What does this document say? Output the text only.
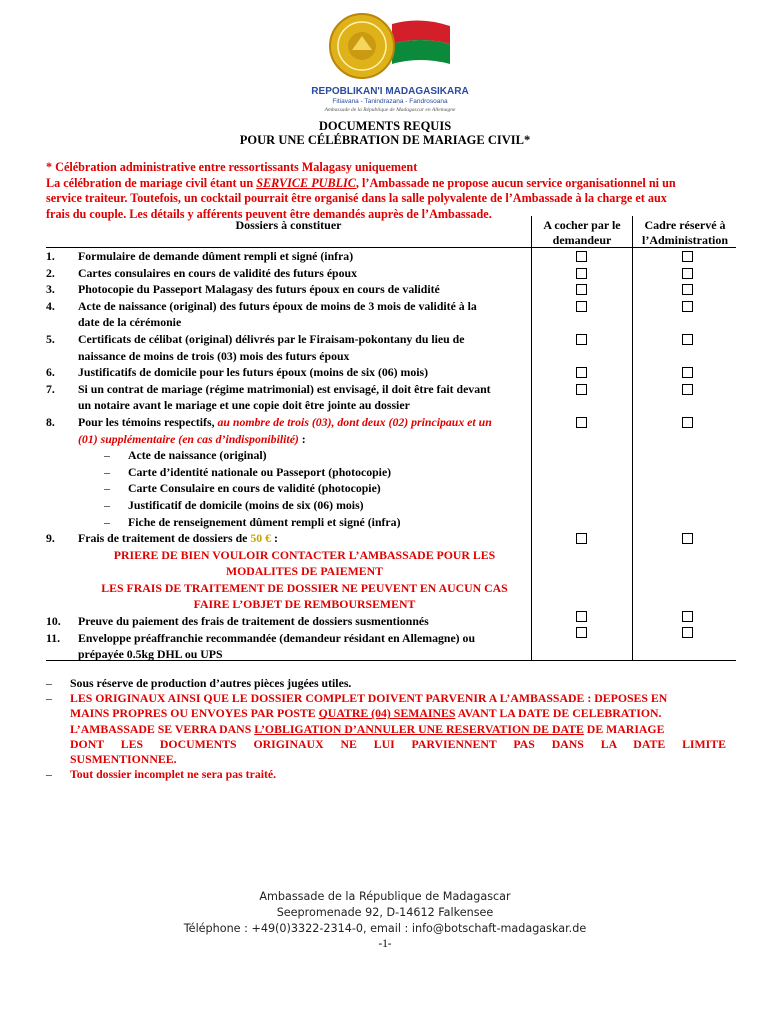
REPOBLIKAN'I MADAGASIKARA
Fitiavana - Tanindrazana - Fandrosoana
Ambassade de la République de Madagascar en Allemagne
DOCUMENTS REQUIS
POUR UNE CÉLÉBRATION DE MARIAGE CIVIL*
* Célébration administrative entre ressortissants Malagasy uniquement
La célébration de mariage civil étant un SERVICE PUBLIC, l’Ambassade ne propose aucun service organisationnel ni un
service traiteur. Toutefois, un cocktail pourrait être organisé dans la salle polyvalente de l’Ambassade à la charge et aux
frais du couple. Les détails y afférents peuvent être demandés auprès de l’Ambassade.
Dossiers à constituer	A cocher par le
demandeur
Cadre réservé à
l’Administration
1.	Formulaire de demande dûment rempli et signé (infra)
2.	Cartes consulaires en cours de validité des futurs époux
3.	Photocopie du Passeport Malagasy des futurs époux en cours de validité
4.	Acte de naissance (original) des futurs époux de moins de 3 mois de validité à la
date de la cérémonie
5.	Certificats de célibat (original) délivrés par le Firaisam-pokontany du lieu de
naissance de moins de trois (03) mois des futurs époux
6.	Justificatifs de domicile pour les futurs époux (moins de six (06) mois)
7.	Si un contrat de mariage (régime matrimonial) est envisagé, il doit être fait devant
un notaire avant le mariage et une copie doit être jointe au dossier
8.	Pour les témoins respectifs, au nombre de trois (03), dont deux (02) principaux et un
(01) supplémentaire (en cas d’indisponibilité) :
–	Acte de naissance (original)
–	Carte d’identité nationale ou Passeport (photocopie)
–	Carte Consulaire en cours de validité (photocopie)
–	Justificatif de domicile (moins de six (06) mois)
–	Fiche de renseignement dûment rempli et signé (infra)
9.	Frais de traitement de dossiers de 50 € :
PRIERE DE BIEN VOULOIR CONTACTER L’AMBASSADE POUR LES
MODALITES DE PAIEMENT
LES FRAIS DE TRAITEMENT DE DOSSIER NE PEUVENT EN AUCUN CAS
FAIRE L’OBJET DE REMBOURSEMENT
10.	Preuve du paiement des frais de traitement de dossiers susmentionnés
11.	Enveloppe préaffranchie recommandée (demandeur résidant en Allemagne) ou
prépayée 0.5kg DHL ou UPS
–	Sous réserve de production d’autres pièces jugées utiles.
–	LES ORIGINAUX AINSI QUE LE DOSSIER COMPLET DOIVENT PARVENIR A L’AMBASSADE : DEPOSES EN
MAINS PROPRES OU ENVOYES PAR POSTE QUATRE (04) SEMAINES AVANT LA DATE DE CELEBRATION.
L’AMBASSADE SE VERRA DANS L’OBLIGATION D’ANNULER UNE RESERVATION DE DATE DE MARIAGE
DONT LES DOCUMENTS ORIGINAUX NE LUI PARVIENNENT PAS DANS LA DATE LIMITE
SUSMENTIONNEE.
–	Tout dossier incomplet ne sera pas traité.
Ambassade de la République de Madagascar
Seepromenade 92, D-14612 Falkensee
Téléphone : +49(0)3322-2314-0, email : info@botschaft-madagaskar.de
-1-
